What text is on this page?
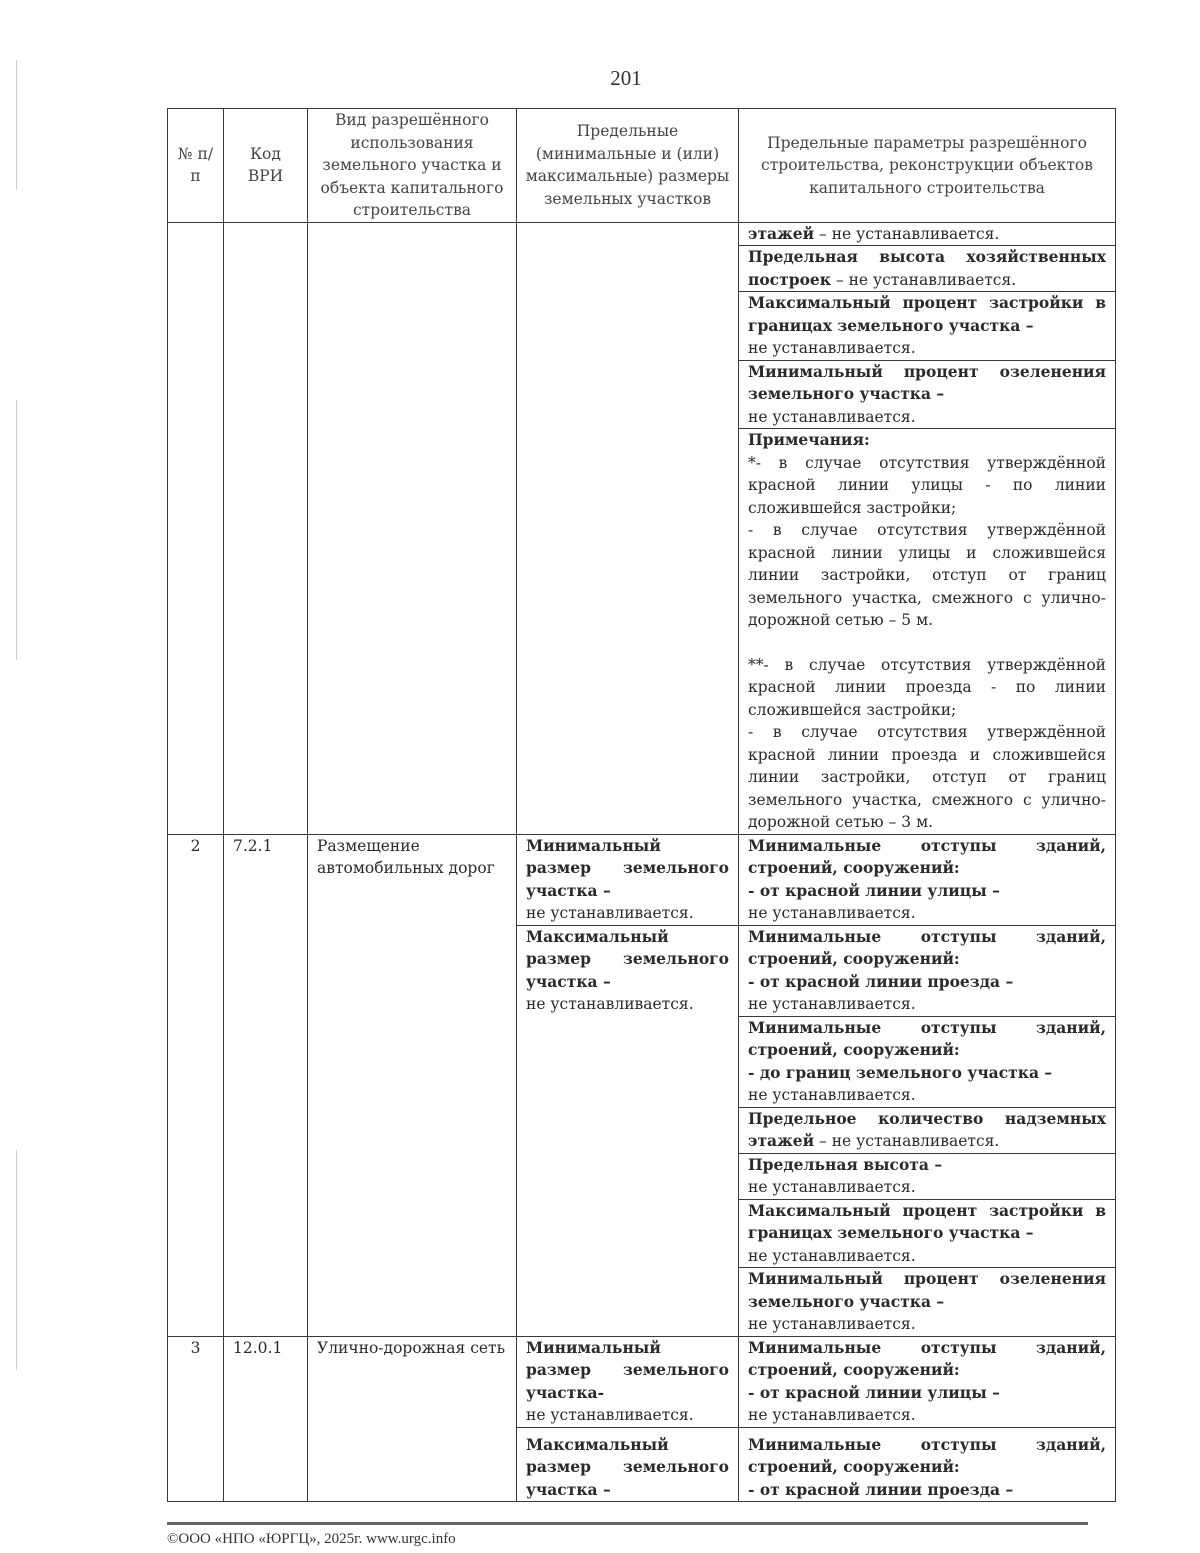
201
№ п/п	Код ВРИ	Вид разрешённого использования земельного участка и объекта капитального строительства	Предельные (минимальные и (или) максимальные) размеры земельных участков	Предельные параметры разрешённого строительства, реконструкции объектов капитального строительства
				этажей – не устанавливается.
				Предельная высота хозяйственных построек – не устанавливается.
				Максимальный процент застройки в границах земельного участка –
не устанавливается.
				Минимальный процент озеленения земельного участка –
не устанавливается.

				Примечания:
*- в случае отсутствия утверждённой красной линии улицы - по линии сложившейся застройки;
- в случае отсутствия утверждённой красной линии улицы и сложившейся линии застройки, отступ от границ земельного участка, смежного с улично-дорожной сетью – 5 м.
**- в случае отсутствия утверждённой красной линии проезда - по линии сложившейся застройки;
- в случае отсутствия утверждённой красной линии проезда и сложившейся линии застройки, отступ от границ земельного участка, смежного с улично-дорожной сетью – 3 м.

2	7.2.1	Размещение автомобильных дорог	Минимальный размер земельного участка –
не устанавливается.	Минимальные отступы зданий, строений, сооружений:
- от красной линии улицы –
не устанавливается.
			Максимальный размер земельного участка –
не устанавливается.	Минимальные отступы зданий, строений, сооружений:
- от красной линии проезда –
не устанавливается.
				Минимальные отступы зданий, строений, сооружений:
- до границ земельного участка –
не устанавливается.
				Предельное количество надземных этажей – не устанавливается.
				Предельная высота –
не устанавливается.
				Максимальный процент застройки в границах земельного участка –
не устанавливается.
				Минимальный процент озеленения земельного участка –
не устанавливается.
3	12.0.1	Улично-дорожная сеть	Минимальный размер земельного участка-
не устанавливается.	Минимальные отступы зданий, строений, сооружений:
- от красной линии улицы –
не устанавливается.
			Максимальный размер земельного участка –	Минимальные отступы зданий, строений, сооружений:
- от красной линии проезда –
©ООО «НПО «ЮРГЦ», 2025г. www.urgc.info
